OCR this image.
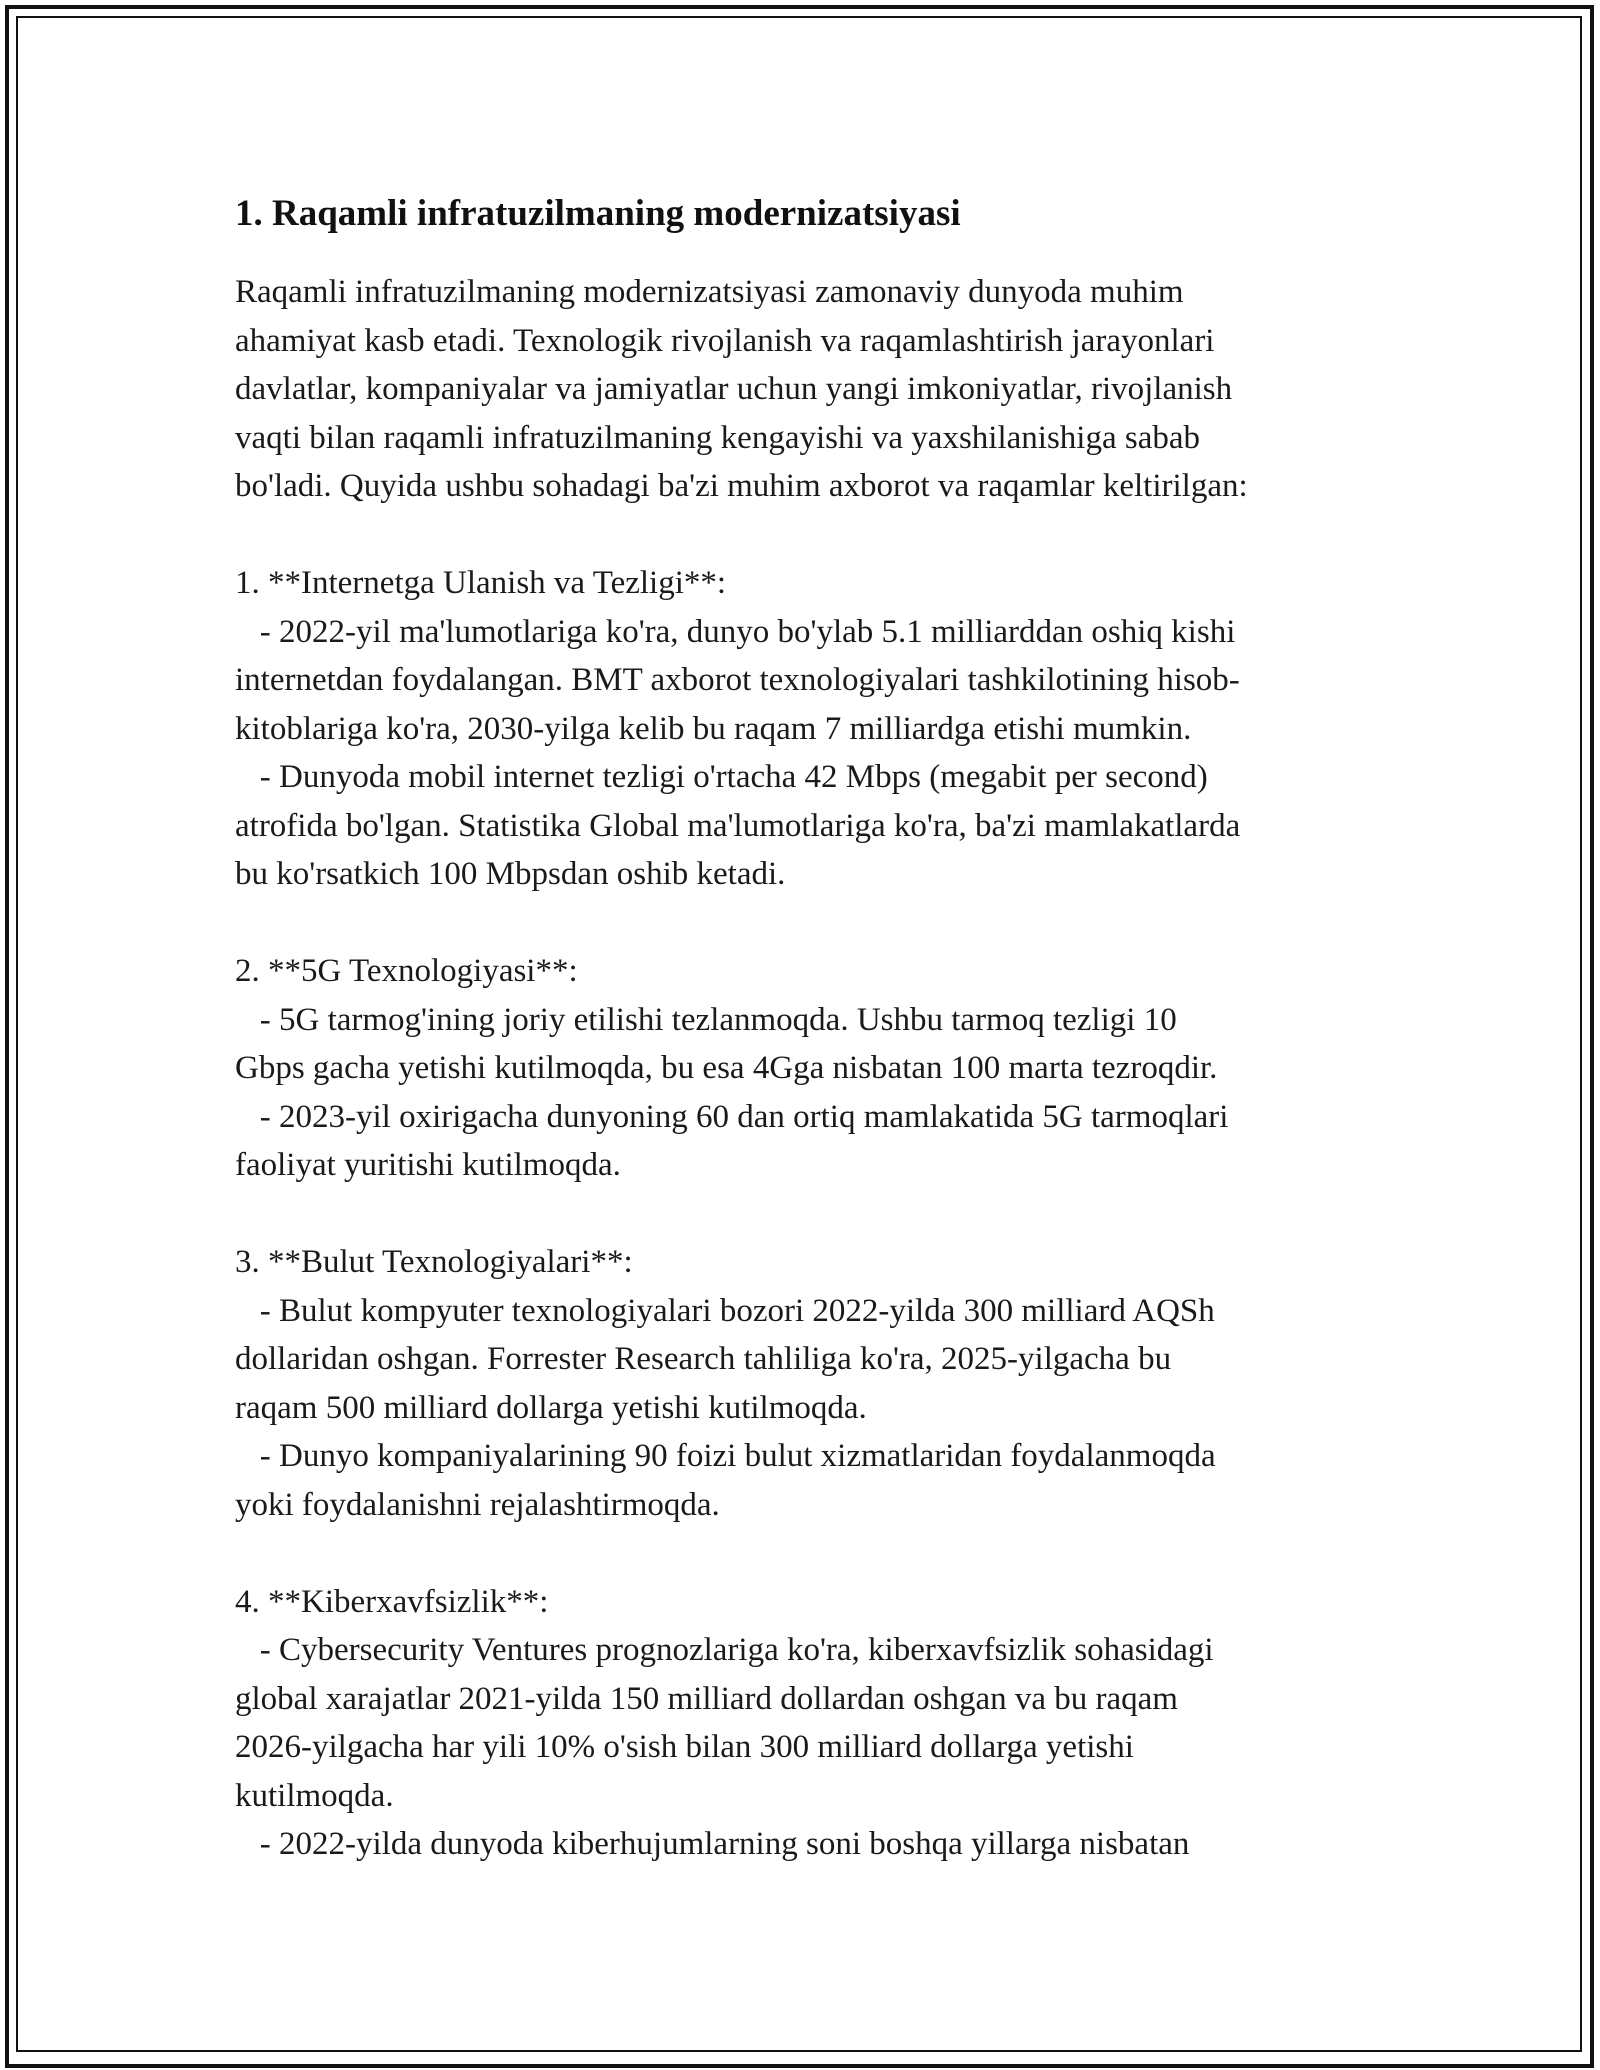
1. Raqamli infratuzilmaning modernizatsiyasi
Raqamli infratuzilmaning modernizatsiyasi zamonaviy dunyoda muhim
ahamiyat kasb etadi. Texnologik rivojlanish va raqamlashtirish jarayonlari
davlatlar, kompaniyalar va jamiyatlar uchun yangi imkoniyatlar, rivojlanish
vaqti bilan raqamli infratuzilmaning kengayishi va yaxshilanishiga sabab
bo'ladi. Quyida ushbu sohadagi ba'zi muhim axborot va raqamlar keltirilgan:
1. **Internetga Ulanish va Tezligi**:
- 2022-yil ma'lumotlariga ko'ra, dunyo bo'ylab 5.1 milliarddan oshiq kishi
internetdan foydalangan. BMT axborot texnologiyalari tashkilotining hisob-
kitoblariga ko'ra, 2030-yilga kelib bu raqam 7 milliardga etishi mumkin.
- Dunyoda mobil internet tezligi o'rtacha 42 Mbps (megabit per second)
atrofida bo'lgan. Statistika Global ma'lumotlariga ko'ra, ba'zi mamlakatlarda
bu ko'rsatkich 100 Mbpsdan oshib ketadi.
2. **5G Texnologiyasi**:
- 5G tarmog'ining joriy etilishi tezlanmoqda. Ushbu tarmoq tezligi 10
Gbps gacha yetishi kutilmoqda, bu esa 4Gga nisbatan 100 marta tezroqdir.
- 2023-yil oxirigacha dunyoning 60 dan ortiq mamlakatida 5G tarmoqlari
faoliyat yuritishi kutilmoqda.
3. **Bulut Texnologiyalari**:
- Bulut kompyuter texnologiyalari bozori 2022-yilda 300 milliard AQSh
dollaridan oshgan. Forrester Research tahliliga ko'ra, 2025-yilgacha bu
raqam 500 milliard dollarga yetishi kutilmoqda.
- Dunyo kompaniyalarining 90 foizi bulut xizmatlaridan foydalanmoqda
yoki foydalanishni rejalashtirmoqda.
4. **Kiberxavfsizlik**:
- Cybersecurity Ventures prognozlariga ko'ra, kiberxavfsizlik sohasidagi
global xarajatlar 2021-yilda 150 milliard dollardan oshgan va bu raqam
2026-yilgacha har yili 10% o'sish bilan 300 milliard dollarga yetishi
kutilmoqda.
- 2022-yilda dunyoda kiberhujumlarning soni boshqa yillarga nisbatan
